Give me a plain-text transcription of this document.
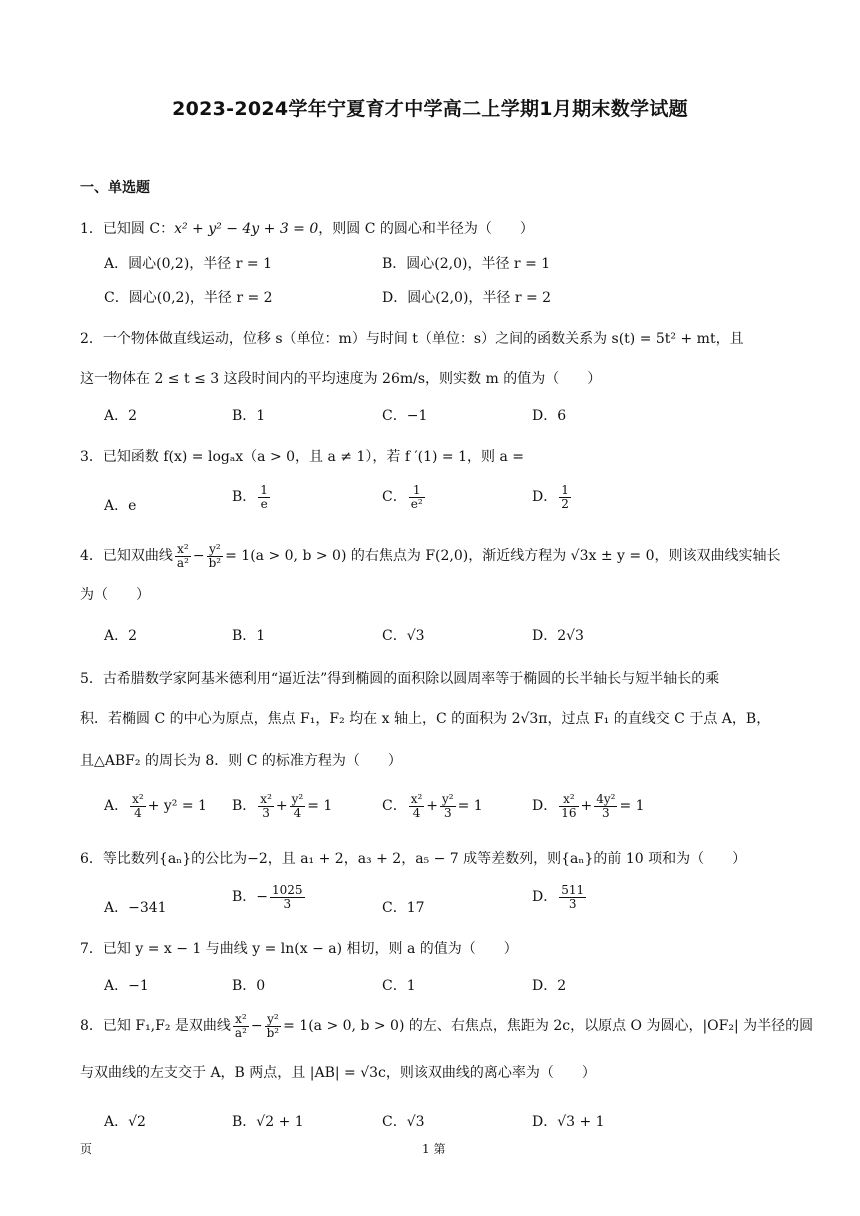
2023-2024学年宁夏育才中学高二上学期1月期末数学试题
一、单选题
1．已知圆 C：x² + y² − 4y + 3 = 0，则圆 C 的圆心和半径为（　　）
A．圆心(0,2)，半径 r = 1	B．圆心(2,0)，半径 r = 1
C．圆心(0,2)，半径 r = 2	D．圆心(2,0)，半径 r = 2
2．一个物体做直线运动，位移 s（单位：m）与时间 t（单位：s）之间的函数关系为 s(t) = 5t² + mt，且
这一物体在 2 ≤ t ≤ 3 这段时间内的平均速度为 26m/s，则实数 m 的值为（　　）
A．2	B．1	C．−1	D．6
3．已知函数 f(x) = logₐx（a > 0，且 a ≠ 1），若 f ′(1) = 1，则 a =
A．e
B． $\frac{1}{e}$	C． $\frac{1}{\text{e²}}$	D． $\frac{1}{2}$
4．已知双曲线 $\frac{\text{x²}}{\text{a²}} - \frac{\text{y²}}{\text{b²}} = 1(a > 0$, b > 0) 的右焦点为 F(2,0)，渐近线方程为 √3x ± y = 0，则该双曲线实轴长
为（　　）
A．2	B．1	C．√3	D．2√3
5．古希腊数学家阿基米德利用“逼近法”得到椭圆的面积除以圆周率等于椭圆的长半轴长与短半轴长的乘
积．若椭圆 C 的中心为原点，焦点 F₁，F₂ 均在 x 轴上，C 的面积为 2√3π，过点 F₁ 的直线交 C 于点 A，B，
且△ABF₂ 的周长为 8．则 C 的标准方程为（　　）
A． $\frac{\text{x²}}{4} + y^2 = 1$ B． $\frac{\text{x²}}{3} + \frac{\text{y²}}{4} = 1$	C． $\frac{\text{x²}}{4} + \frac{\text{y²}}{3} = 1$	D． $\frac{\text{x²}}{16} + \frac{\text{4y²}}{3} = 1$
6．等比数列{aₙ}的公比为−2，且 a₁ + 2，a₃ + 2，a₅ − 7 成等差数列，则{aₙ}的前 10 项和为（　　）
A．−341
B．− $\frac{1025}{3}$	C．17
D． $\frac{511}{3}$
7．已知 y = x − 1 与曲线 y = ln(x − a) 相切，则 a 的值为（　　）
A．−1	B．0	C．1	D．2
8．已知 F₁,F₂ 是双曲线 $\frac{\text{x²}}{\text{a²}} - \frac{\text{y²}}{\text{b²}} = 1(a > 0$, b > 0) 的左、右焦点，焦距为 2c，以原点 O 为圆心，|OF₂| 为半径的圆
与双曲线的左支交于 A，B 两点，且 |AB| = √3c，则该双曲线的离心率为（　　）
A．√2	B．√2 + 1	C．√3	D．√3 + 1
页	1 第
